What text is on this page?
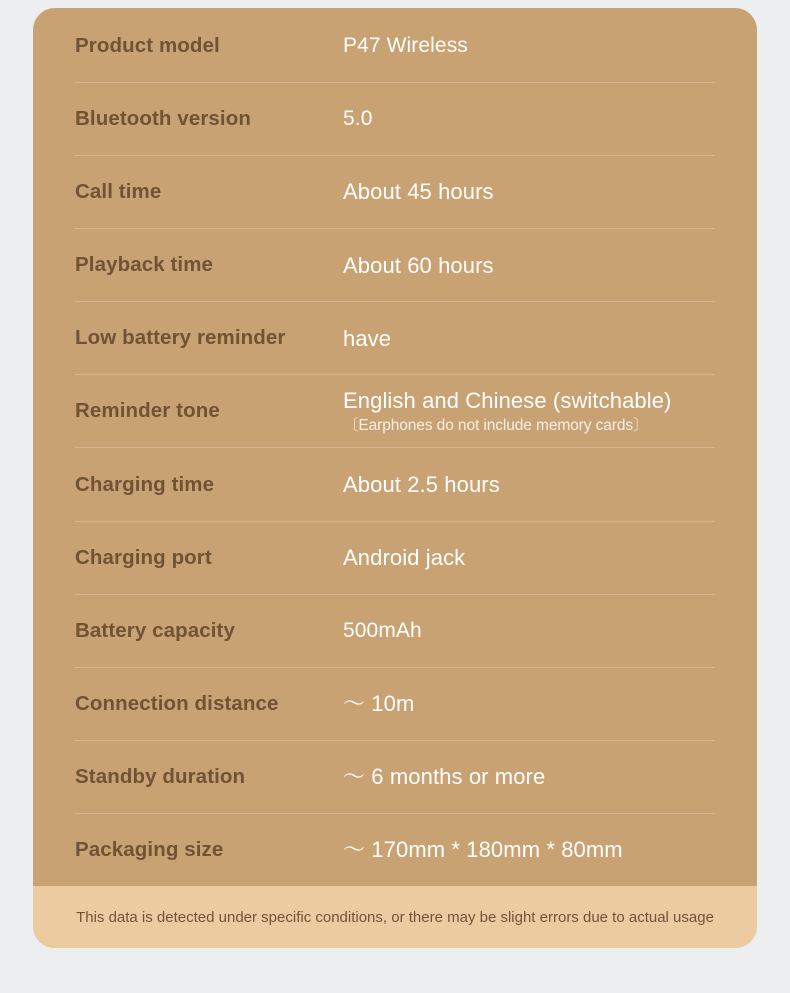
Product model	P47 Wireless
Bluetooth version	5.0
Call time	About 45 hours
Playback time	About 60 hours
Low battery reminder	have
Reminder tone	English and Chinese (switchable)
〔Earphones do not include memory cards〕
Charging time	About 2.5 hours
Charging port	Android jack
Battery capacity	500mAh
Connection distance	～ 10m
Standby duration	～ 6 months or more
Packaging size	～ 170mm * 180mm * 80mm
This data is detected under specific conditions, or there may be slight errors due to actual usage
